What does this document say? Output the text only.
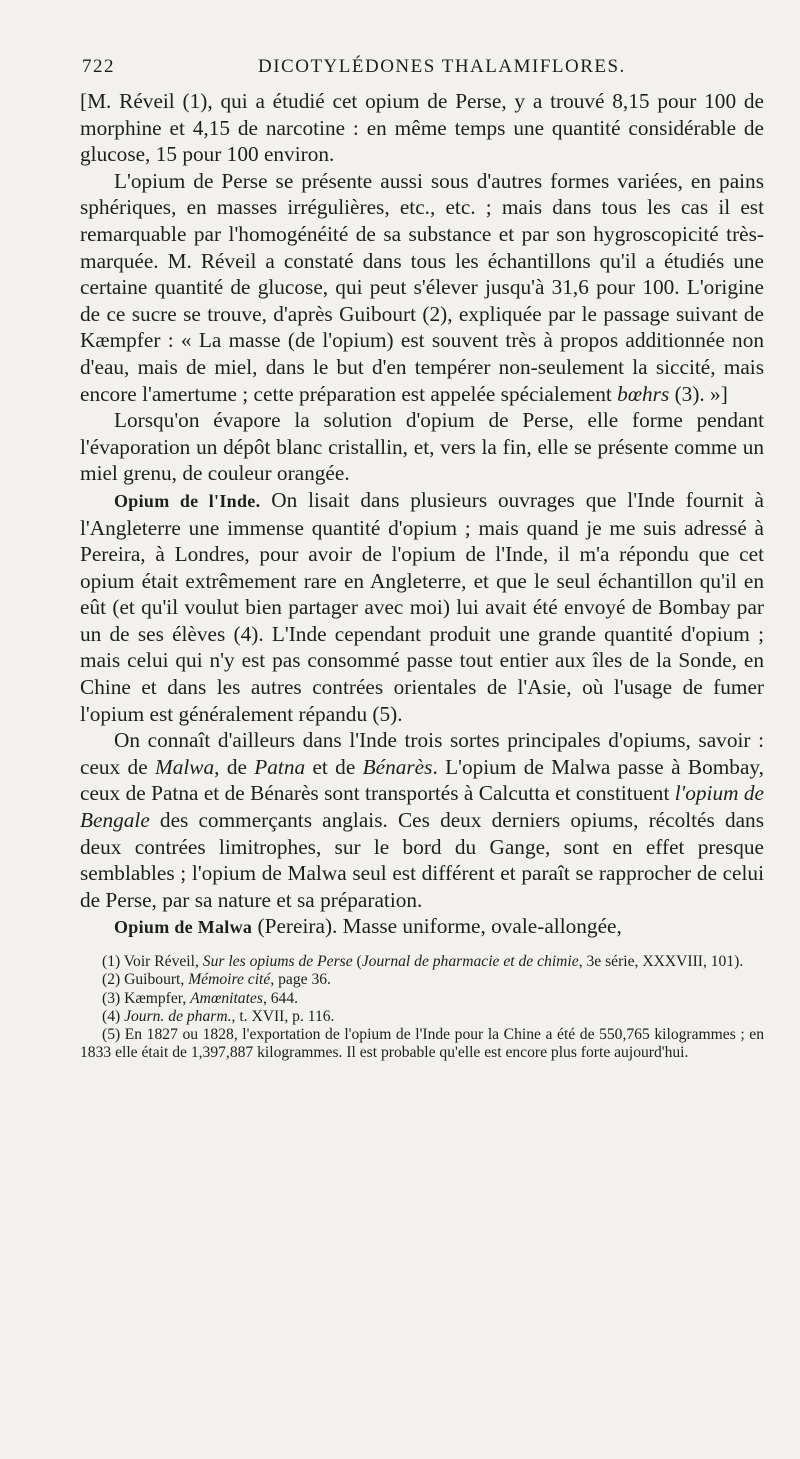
722	DICOTYLÉDONES THALAMIFLORES.

[M. Réveil (1), qui a étudié cet opium de Perse, y a trouvé 8,15 pour 100 de morphine et 4,15 de narcotine : en même temps une quantité considérable de glucose, 15 pour 100 environ.

L'opium de Perse se présente aussi sous d'autres formes variées, en pains sphériques, en masses irrégulières, etc., etc. ; mais dans tous les cas il est remarquable par l'homogénéité de sa substance et par son hygroscopicité très-marquée. M. Réveil a constaté dans tous les échantillons qu'il a étudiés une certaine quantité de glucose, qui peut s'élever jusqu'à 31,6 pour 100. L'origine de ce sucre se trouve, d'après Guibourt (2), expliquée par le passage suivant de Kæmpfer : « La masse (de l'opium) est souvent très à propos additionnée non d'eau, mais de miel, dans le but d'en tempérer non-seulement la siccité, mais encore l'amertume ; cette préparation est appelée spécialement bœhrs (3). »]

Lorsqu'on évapore la solution d'opium de Perse, elle forme pendant l'évaporation un dépôt blanc cristallin, et, vers la fin, elle se présente comme un miel grenu, de couleur orangée.

Opium de l'Inde. On lisait dans plusieurs ouvrages que l'Inde fournit à l'Angleterre une immense quantité d'opium ; mais quand je me suis adressé à Pereira, à Londres, pour avoir de l'opium de l'Inde, il m'a répondu que cet opium était extrêmement rare en Angleterre, et que le seul échantillon qu'il en eût (et qu'il voulut bien partager avec moi) lui avait été envoyé de Bombay par un de ses élèves (4). L'Inde cependant produit une grande quantité d'opium ; mais celui qui n'y est pas consommé passe tout entier aux îles de la Sonde, en Chine et dans les autres contrées orientales de l'Asie, où l'usage de fumer l'opium est généralement répandu (5).

On connaît d'ailleurs dans l'Inde trois sortes principales d'opiums, savoir : ceux de Malwa, de Patna et de Bénarès. L'opium de Malwa passe à Bombay, ceux de Patna et de Bénarès sont transportés à Calcutta et constituent l'opium de Bengale des commerçants anglais. Ces deux derniers opiums, récoltés dans deux contrées limitrophes, sur le bord du Gange, sont en effet presque semblables ; l'opium de Malwa seul est différent et paraît se rapprocher de celui de Perse, par sa nature et sa préparation.

Opium de Malwa (Pereira). Masse uniforme, ovale-allongée,

(1) Voir Réveil, Sur les opiums de Perse (Journal de pharmacie et de chimie, 3e série, XXXVIII, 101).

(2) Guibourt, Mémoire cité, page 36.

(3) Kæmpfer, Amœnitates, 644.

(4) Journ. de pharm., t. XVII, p. 116.

(5) En 1827 ou 1828, l'exportation de l'opium de l'Inde pour la Chine a été de 550,765 kilogrammes ; en 1833 elle était de 1,397,887 kilogrammes. Il est probable qu'elle est encore plus forte aujourd'hui.
